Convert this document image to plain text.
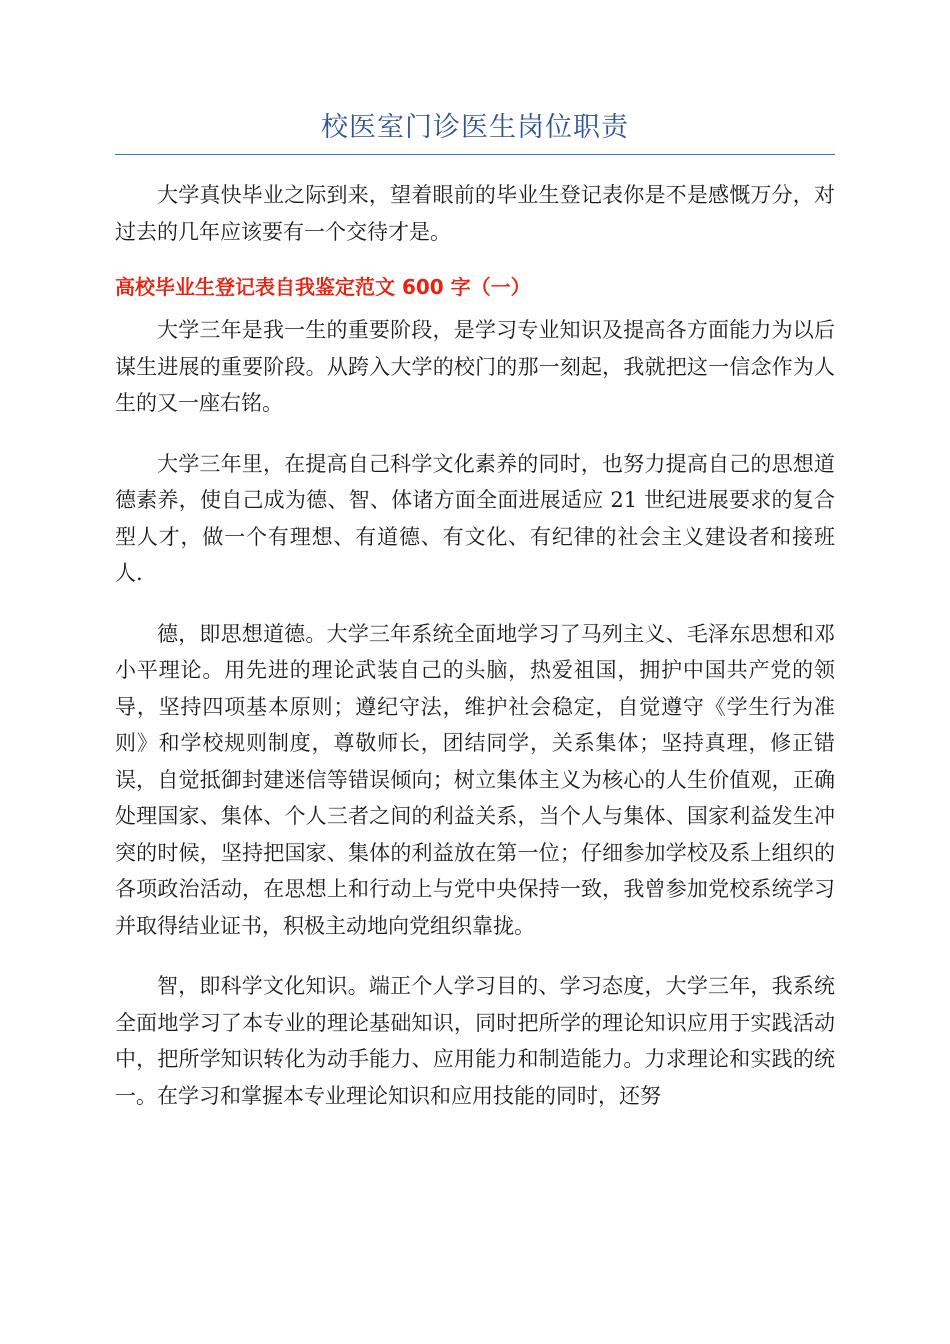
校医室门诊医生岗位职责

大学真快毕业之际到来，望着眼前的毕业生登记表你是不是感慨万分，对过去的几年应该要有一个交待才是。

高校毕业生登记表自我鉴定范文 600 字（一）

大学三年是我一生的重要阶段，是学习专业知识及提高各方面能力为以后谋生进展的重要阶段。从跨入大学的校门的那一刻起，我就把这一信念作为人生的又一座右铭。

大学三年里，在提高自己科学文化素养的同时，也努力提高自己的思想道德素养，使自己成为德、智、体诸方面全面进展适应 21 世纪进展要求的复合型人才，做一个有理想、有道德、有文化、有纪律的社会主义建设者和接班人.

德，即思想道德。大学三年系统全面地学习了马列主义、毛泽东思想和邓小平理论。用先进的理论武装自己的头脑，热爱祖国，拥护中国共产党的领导，坚持四项基本原则；遵纪守法，维护社会稳定，自觉遵守《学生行为准则》和学校规则制度，尊敬师长，团结同学，关系集体；坚持真理，修正错误，自觉抵御封建迷信等错误倾向；树立集体主义为核心的人生价值观，正确处理国家、集体、个人三者之间的利益关系，当个人与集体、国家利益发生冲突的时候，坚持把国家、集体的利益放在第一位；仔细参加学校及系上组织的各项政治活动，在思想上和行动上与党中央保持一致，我曾参加党校系统学习并取得结业证书，积极主动地向党组织靠拢。

智，即科学文化知识。端正个人学习目的、学习态度，大学三年，我系统全面地学习了本专业的理论基础知识，同时把所学的理论知识应用于实践活动中，把所学知识转化为动手能力、应用能力和制造能力。力求理论和实践的统一。在学习和掌握本专业理论知识和应用技能的同时，还努
